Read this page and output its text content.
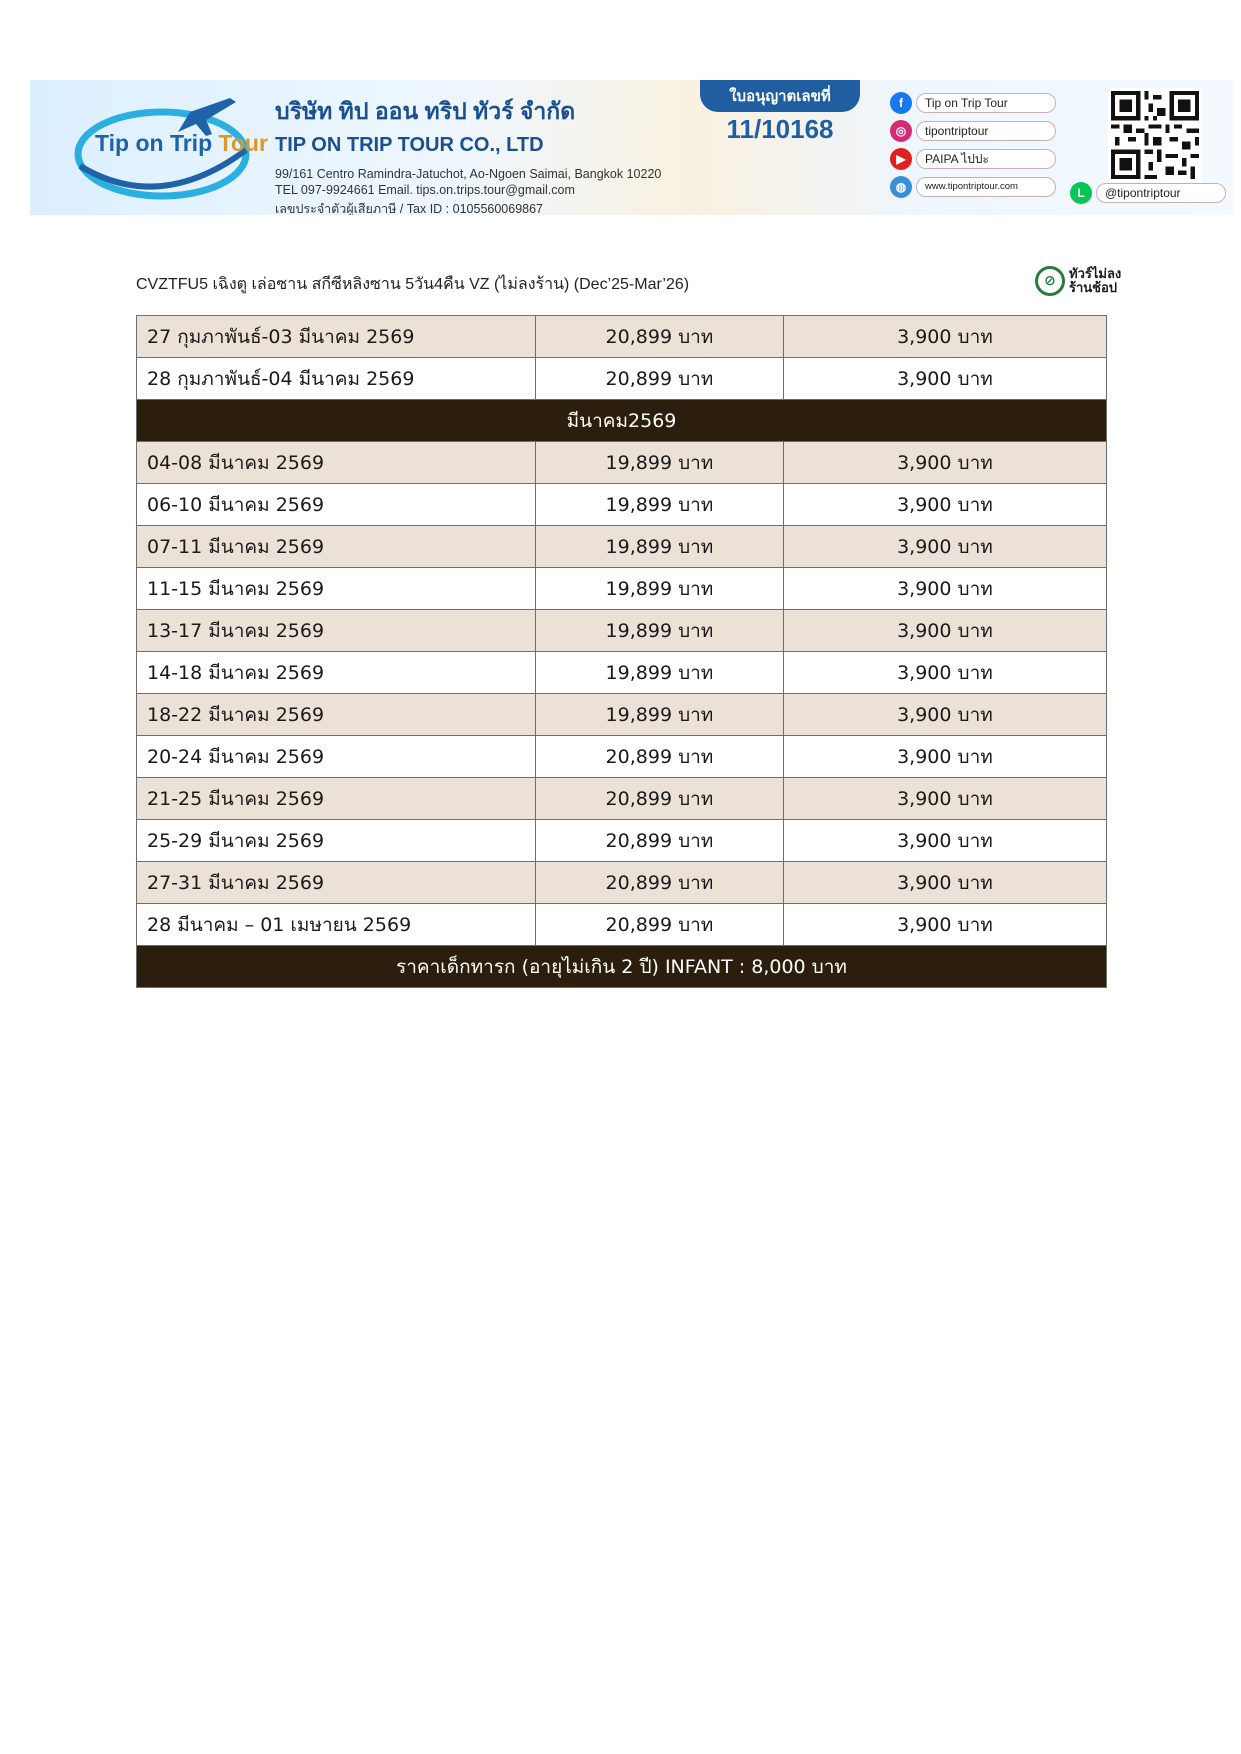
Tip on Trip Tour
บริษัท ทิป ออน ทริป ทัวร์ จำกัด
TIP ON TRIP TOUR CO., LTD
99/161 Centro Ramindra-Jatuchot, Ao-Ngoen Saimai, Bangkok 10220
TEL 097-9924661 Email. tips.on.trips.tour@gmail.com
เลขประจำตัวผู้เสียภาษี / Tax ID : 0105560069867
ใบอนุญาตเลขที่
11/10168
f	Tip on Trip Tour
◎	tipontriptour
▶	PAIPA ไปปะ
◍	www.tipontriptour.com	L	@tipontriptour
CVZTFU5 เฉิงตู เล่อซาน สกีซีหลิงซาน 5วัน4คืน VZ (ไม่ลงร้าน) (Dec’25-Mar’26)	⊘	ทัวร์ไม่ลง
ร้านช้อป
27 กุมภาพันธ์-03 มีนาคม 2569	20,899 บาท	3,900 บาท
28 กุมภาพันธ์-04 มีนาคม 2569	20,899 บาท	3,900 บาท
มีนาคม2569		
04-08 มีนาคม 2569	19,899 บาท	3,900 บาท
06-10 มีนาคม 2569	19,899 บาท	3,900 บาท
07-11 มีนาคม 2569	19,899 บาท	3,900 บาท
11-15 มีนาคม 2569	19,899 บาท	3,900 บาท
13-17 มีนาคม 2569	19,899 บาท	3,900 บาท
14-18 มีนาคม 2569	19,899 บาท	3,900 บาท
18-22 มีนาคม 2569	19,899 บาท	3,900 บาท
20-24 มีนาคม 2569	20,899 บาท	3,900 บาท
21-25 มีนาคม 2569	20,899 บาท	3,900 บาท
25-29 มีนาคม 2569	20,899 บาท	3,900 บาท
27-31 มีนาคม 2569	20,899 บาท	3,900 บาท
28 มีนาคม – 01 เมษายน 2569	20,899 บาท	3,900 บาท
ราคาเด็กทารก (อายุไม่เกิน 2 ปี) INFANT : 8,000 บาท		
